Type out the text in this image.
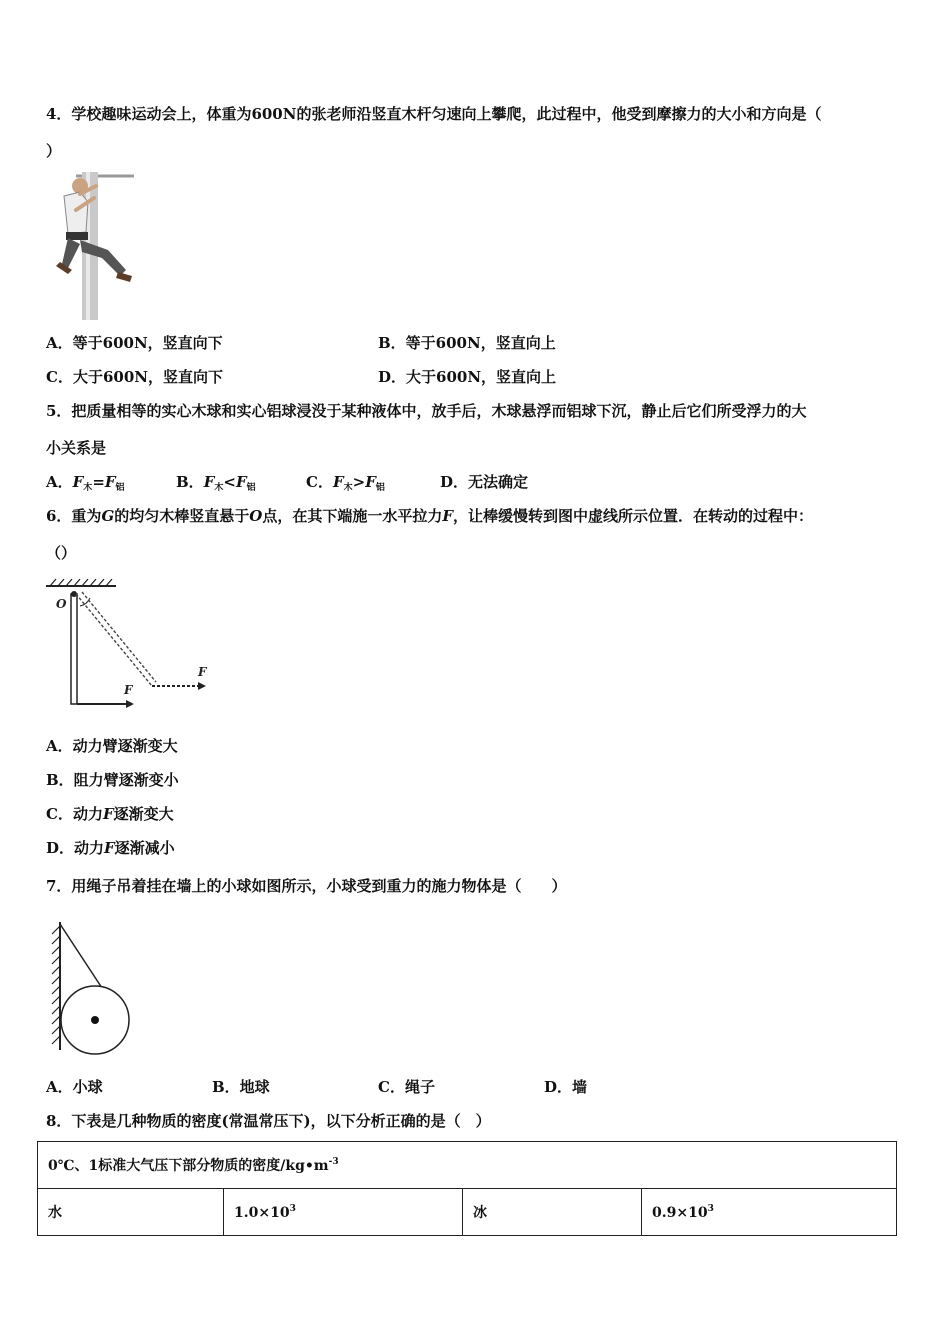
4．学校趣味运动会上，体重为600N的张老师沿竖直木杆匀速向上攀爬，此过程中，他受到摩擦力的大小和方向是（
）
A．等于600N，竖直向下	B．等于600N，竖直向上
C．大于600N，竖直向下	D．大于600N，竖直向上
5．把质量相等的实心木球和实心铝球浸没于某种液体中，放手后，木球悬浮而铝球下沉，静止后它们所受浮力的大
小关系是
A．$F_木=F_铝$	B．$F_木<F_铝$	C．$F_木>F_铝$	D．无法确定
6．重为G的均匀木棒竖直悬于O点，在其下端施一水平拉力F，让棒缓慢转到图中虚线所示位置．在转动的过程中：
（）
O
F
F
A．动力臂逐渐变大
B．阻力臂逐渐变小
C．动力F逐渐变大
D．动力F逐渐减小
7．用绳子吊着挂在墙上的小球如图所示，小球受到重力的施力物体是（　　）
A．小球	B．地球	C．绳子	D．墙
8．下表是几种物质的密度(常温常压下)，以下分析正确的是（　）
0℃、1标准大气压下部分物质的密度$/kg•m^{-3}$
水	$1.0\times 10^3$	冰	$0.9\times 10^3$
